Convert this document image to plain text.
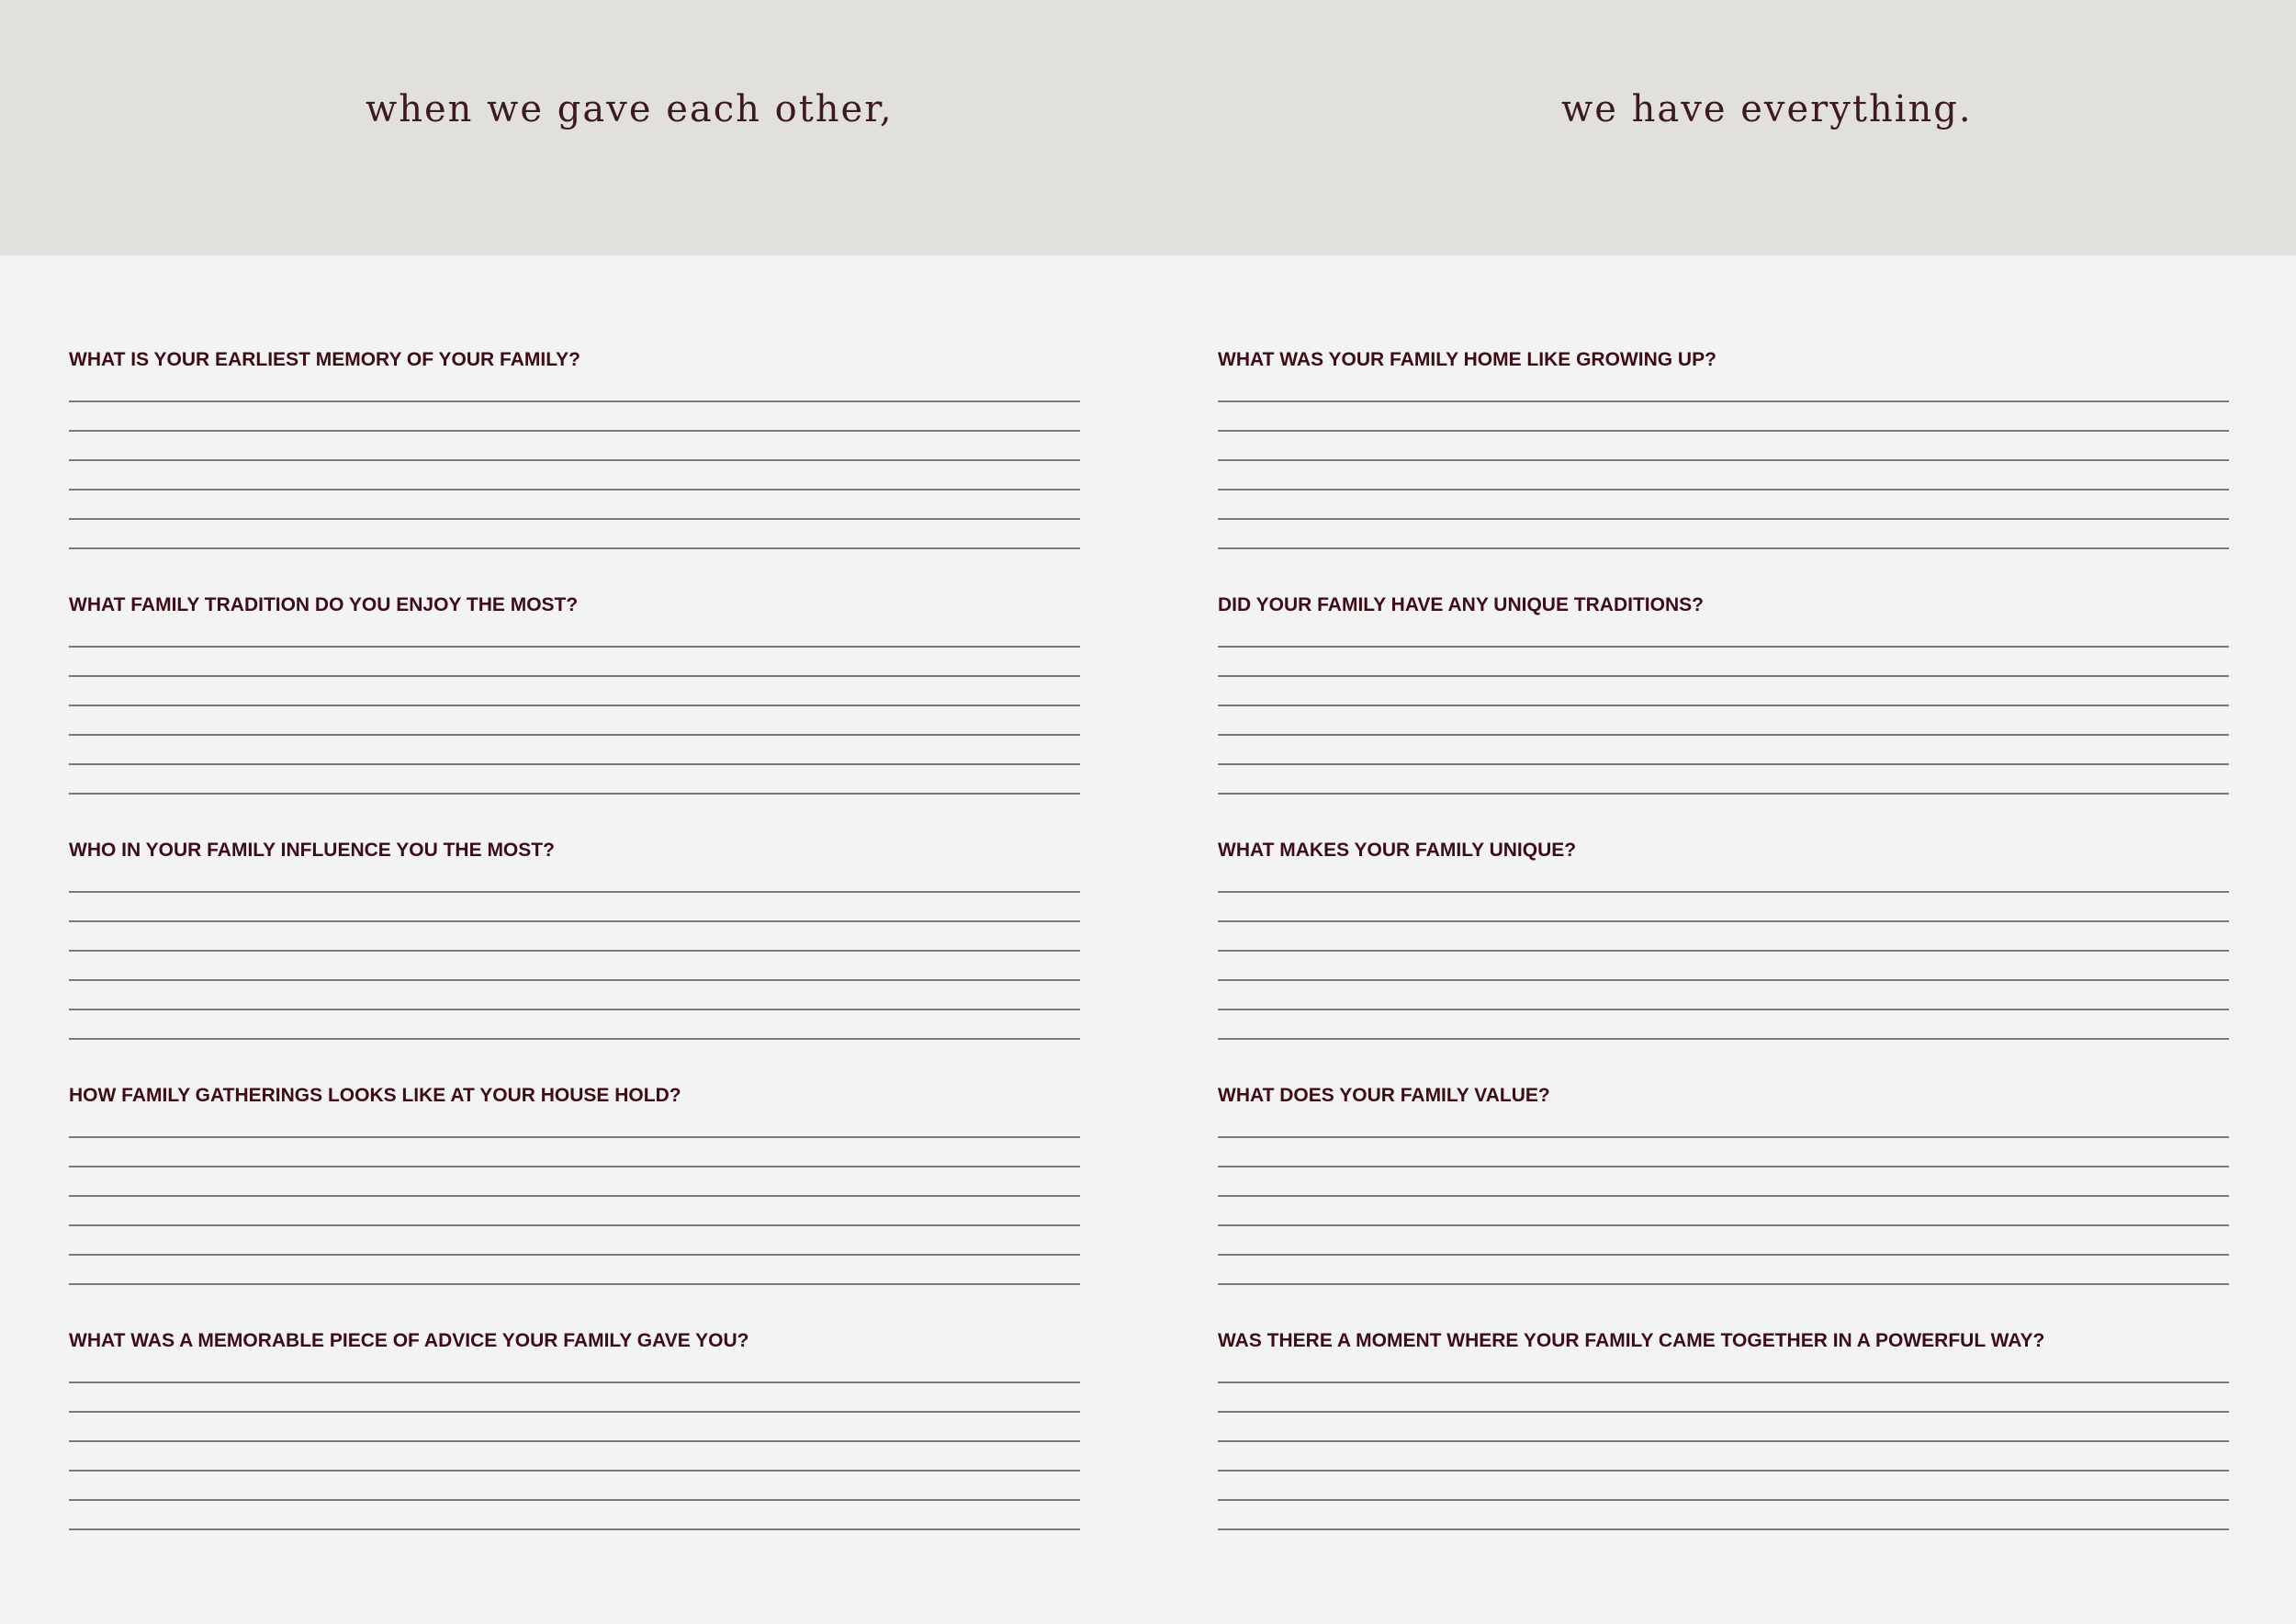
when we gave each other,	we have everything.
WHAT IS YOUR EARLIEST MEMORY OF YOUR FAMILY?
WHAT FAMILY TRADITION DO YOU ENJOY THE MOST?
WHO IN YOUR FAMILY INFLUENCE YOU THE MOST?
HOW FAMILY GATHERINGS LOOKS LIKE AT YOUR HOUSE HOLD?
WHAT WAS A MEMORABLE PIECE OF ADVICE YOUR FAMILY GAVE YOU?
WHAT WAS YOUR FAMILY HOME LIKE GROWING UP?
DID YOUR FAMILY HAVE ANY UNIQUE TRADITIONS?
WHAT MAKES YOUR FAMILY UNIQUE?
WHAT DOES YOUR FAMILY VALUE?
WAS THERE A MOMENT WHERE YOUR FAMILY CAME TOGETHER IN A POWERFUL WAY?
